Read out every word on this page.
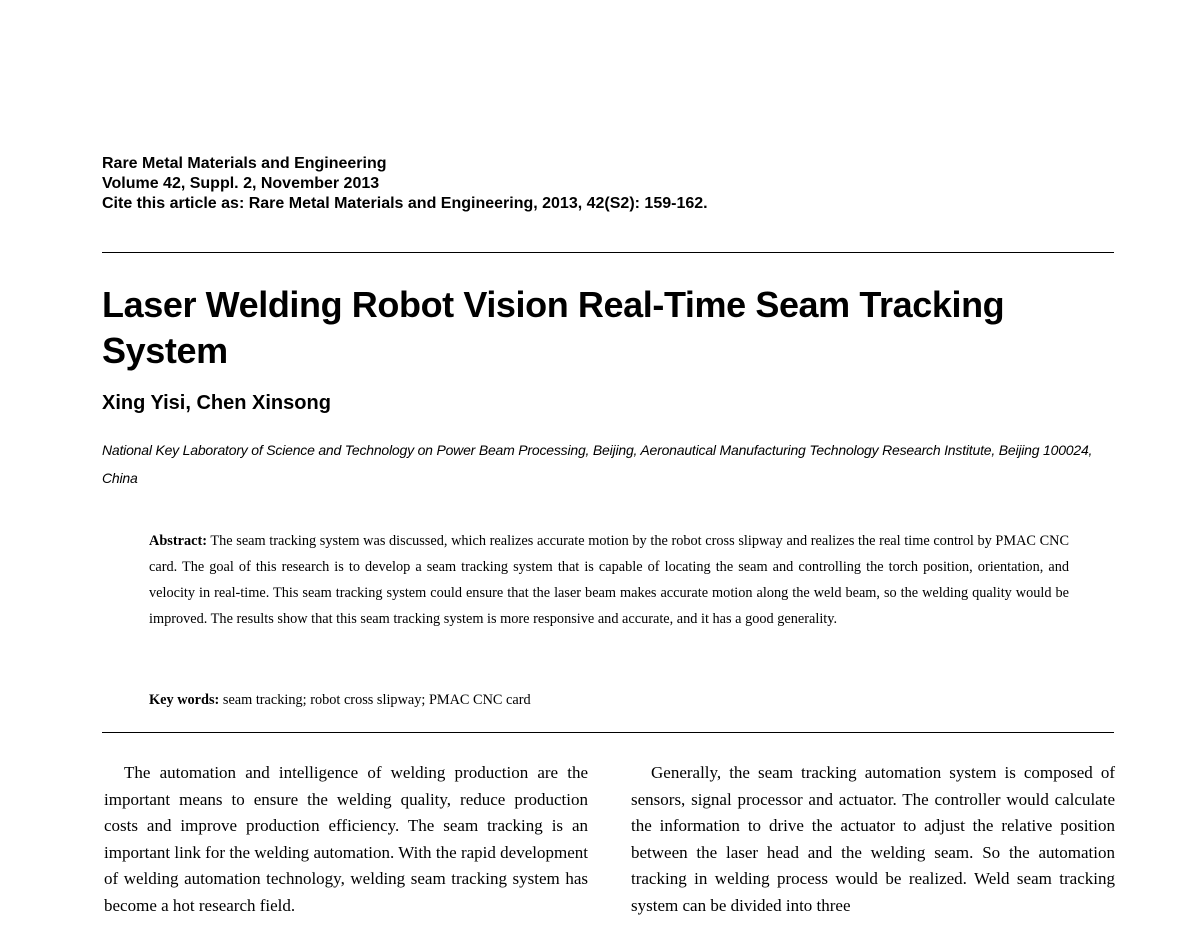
Rare Metal Materials and Engineering
Volume 42, Suppl. 2, November 2013
Cite this article as: Rare Metal Materials and Engineering, 2013, 42(S2): 159-162.
Laser Welding Robot Vision Real-Time Seam Tracking System
Xing Yisi, Chen Xinsong
National Key Laboratory of Science and Technology on Power Beam Processing, Beijing, Aeronautical Manufacturing Technology Research Institute, Beijing 100024, China
Abstract: The seam tracking system was discussed, which realizes accurate motion by the robot cross slipway and realizes the real time control by PMAC CNC card. The goal of this research is to develop a seam tracking system that is capable of locating the seam and controlling the torch position, orientation, and velocity in real-time. This seam tracking system could ensure that the laser beam makes accurate motion along the weld beam, so the welding quality would be improved. The results show that this seam tracking system is more responsive and accurate, and it has a good generality.
Key words: seam tracking; robot cross slipway; PMAC CNC card

The automation and intelligence of welding production are the important means to ensure the welding quality, reduce production costs and improve production efficiency. The seam tracking is an important link for the welding automation. With the rapid development of welding automation technology, welding seam tracking system has become a hot research field.

Generally, the seam tracking automation system is composed of sensors, signal processor and actuator. The controller would calculate the information to drive the actuator to adjust the relative position between the laser head and the welding seam. So the automation tracking in welding process would be realized. Weld seam tracking system can be divided into three
